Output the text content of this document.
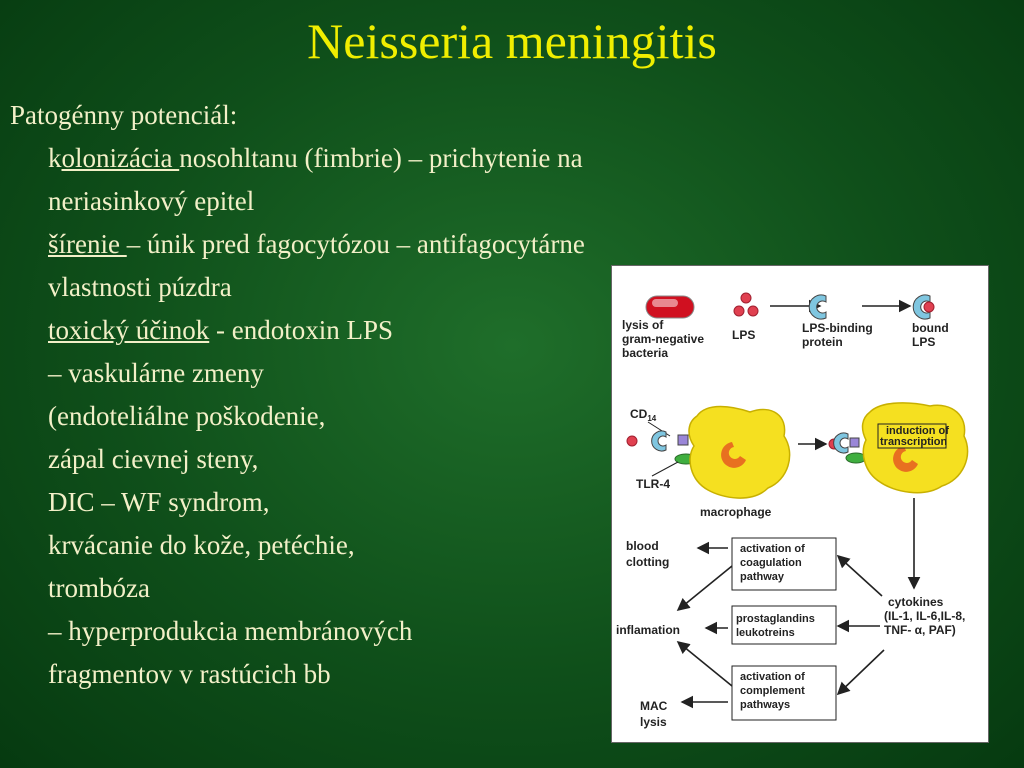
Neisseria meningitis
Patogénny potenciál:
kolonizácia nosohltanu (fimbrie) – prichytenie na
neriasinkový epitel
šírenie – únik pred fagocytózou – antifagocytárne
vlastnosti púzdra
toxický účinok - endotoxin LPS
– vaskulárne zmeny
(endoteliálne poškodenie,
zápal cievnej steny,
DIC – WF syndrom,
krvácanie do kože, petéchie,
trombóza
– hyperprodukcia membránových
fragmentov v rastúcich bb
lysis of gram-negative bacteria
LPS	LPS-binding protein
bound LPS
$CD_{14}$
TLR-4
macrophage
induction of transcription
cytokines (IL-1, IL-6,IL-8, TNF- α, PAF)
activation of coagulation pathway
prostaglandins leukotreins
activation of complement pathways
blood clotting
inflamation
MAC lysis
